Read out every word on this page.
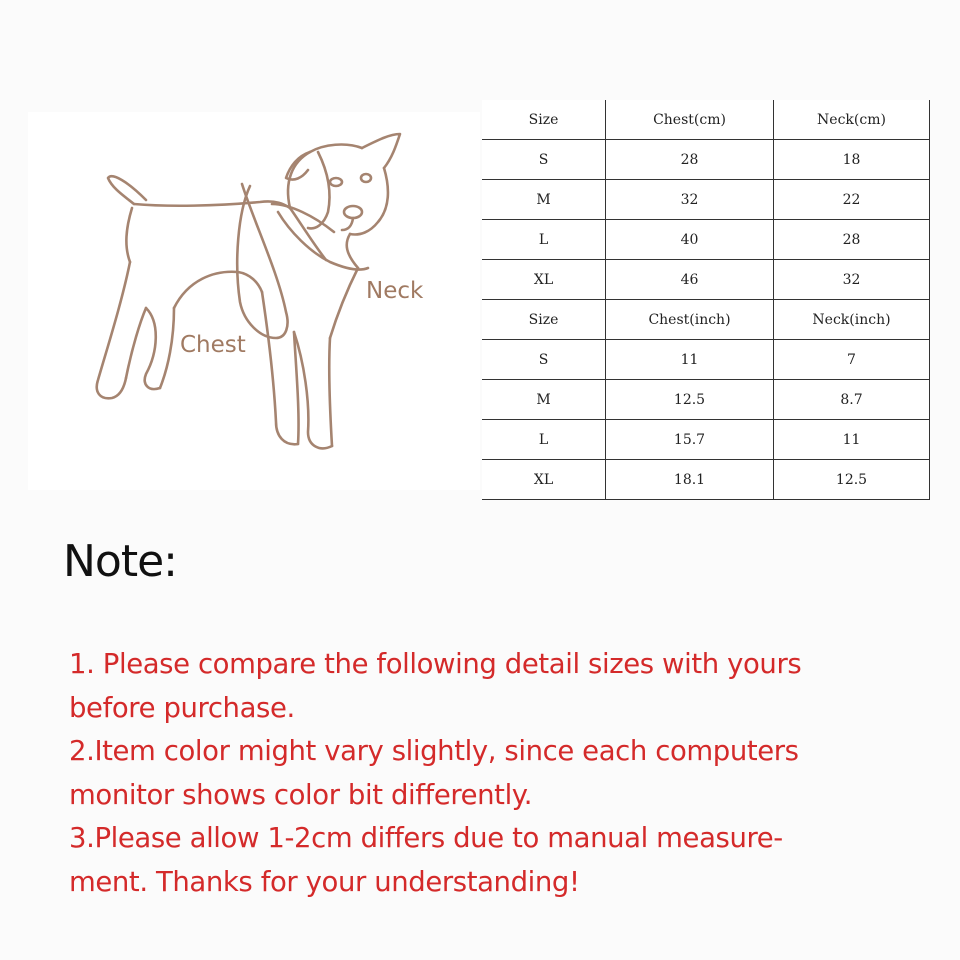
Neck
Chest
Size	Chest(cm)	Neck(cm)
S	28	18
M	32	22
L	40	28
XL	46	32
Size	Chest(inch)	Neck(inch)
S	11	7
M	12.5	8.7
L	15.7	11
XL	18.1	12.5
Note:

1. Please compare the following detail sizes with yours

before purchase.

2.Item color might vary slightly, since each computers

monitor shows color bit differently.

3.Please allow 1-2cm differs due to manual measure-

ment. Thanks for your understanding!
